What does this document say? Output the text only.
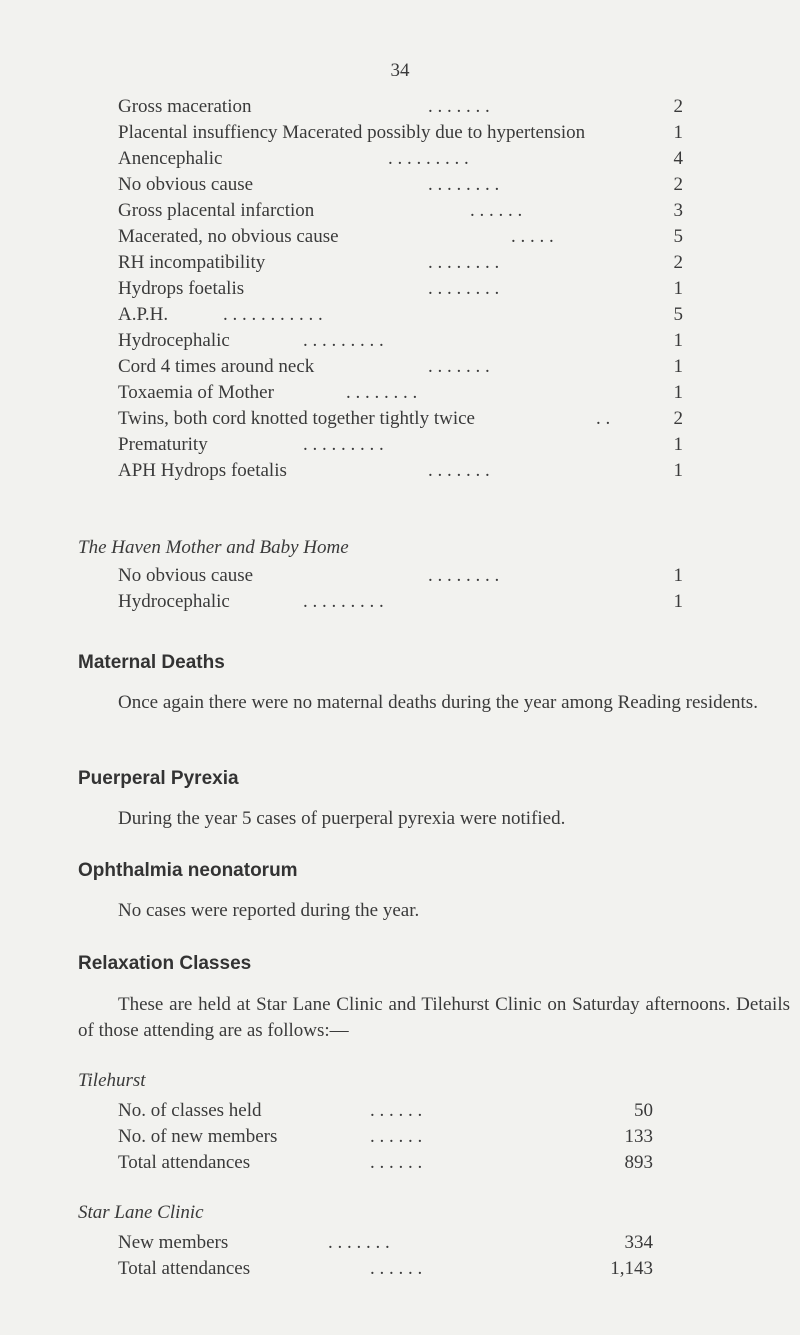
34
Gross maceration	. . . . . . .	2
Placental insuffiency Macerated possibly due to hypertension	1
Anencephalic	. . . . . . . . .	4
No obvious cause	. . . . . . . .	2
Gross placental infarction	. . . . . .	3
Macerated, no obvious cause	. . . . .	5
RH incompatibility	. . . . . . . .	2
Hydrops foetalis	. . . . . . . .	1
A.P.H.	. . . . . . . . . . .	5
Hydrocephalic	. . . . . . . . .	1
Cord 4 times around neck	. . . . . . .	1
Toxaemia of Mother	. . . . . . . .	1
Twins, both cord knotted together tightly twice	. .	2
Prematurity	. . . . . . . . .	1
APH Hydrops foetalis	. . . . . . .	1
The Haven Mother and Baby Home
No obvious cause	. . . . . . . .	1
Hydrocephalic	. . . . . . . . .	1
Maternal Deaths
Once again there were no maternal deaths during the year among Reading residents.
Puerperal Pyrexia
During the year 5 cases of puerperal pyrexia were notified.
Ophthalmia neonatorum
No cases were reported during the year.
Relaxation Classes
These are held at Star Lane Clinic and Tilehurst Clinic on Saturday afternoons. Details of those attending are as follows:—
Tilehurst
No. of classes held	. . . . . .	50
No. of new members	. . . . . .	133
Total attendances	. . . . . .	893
Star Lane Clinic
New members	. . . . . . .	334
Total attendances	. . . . . .	1,143
